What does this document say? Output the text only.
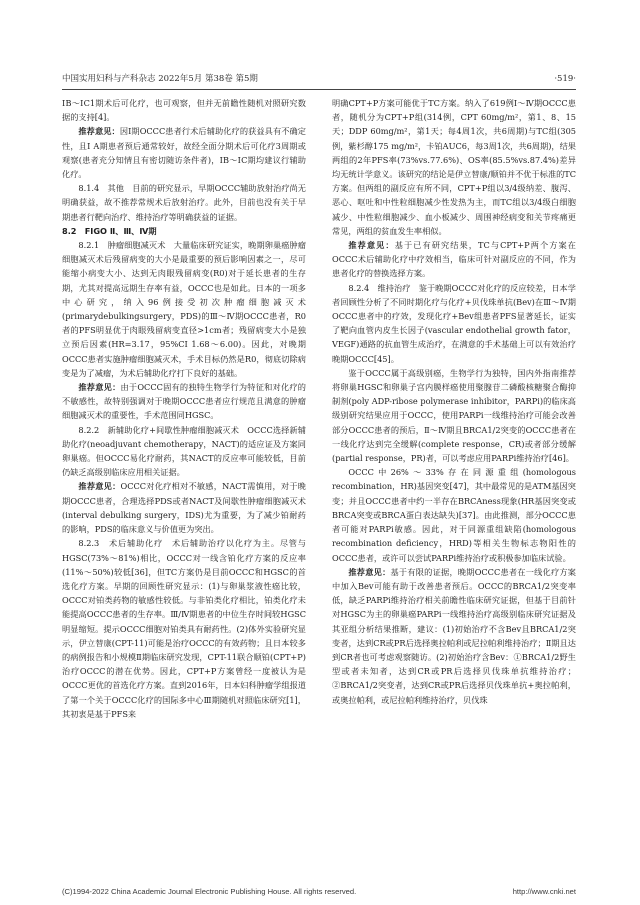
中国实用妇科与产科杂志 2022年5月 第38卷 第5期	·519·

ⅠB～ⅠC1期术后可化疗，也可观察，但并无前瞻性随机对照研究数据的支持[4]。

推荐意见：因Ⅰ期OCCC患者行术后辅助化疗的获益具有不确定性，且Ⅰ A期患者预后通常较好，故经全面分期术后可化疗3周期或观察(患者充分知情且有密切随访条件者)，ⅠB～ⅠC期均建议行辅助化疗。

8.1.4　其他　 目前的研究显示，早期OCCC辅助放射治疗尚无明确获益，故不推荐常规术后放射治疗。此外，目前也没有关于早期患者行靶向治疗、维持治疗等明确获益的证据。

8.2　FIGO Ⅱ、Ⅲ、Ⅳ期

8.2.1　肿瘤细胞减灭术　 大量临床研究证实，晚期卵巢癌肿瘤细胞减灭术后残留病变的大小是最重要的预后影响因素之一，尽可能缩小病变大小、达到无肉眼残留病变(R0)对于延长患者的生存期，尤其对提高远期生存率有益，OCCC也是如此。日本的一项多中心研究，纳入96例接受初次肿瘤细胞减灭术(primarydebulkingsurgery，PDS)的Ⅲ～Ⅳ期OCCC患者，R0者的PFS明显优于肉眼残留病变直径>1cm者；残留病变大小是独立预后因素(HR=3.17，95%CI 1.68～6.00)。因此，对晚期OCCC患者实施肿瘤细胞减灭术，手术目标仍然是R0，彻底切除病变是为了减瘤，为术后辅助化疗打下良好的基础。

推荐意见：由于OCCC固有的独特生物学行为特征和对化疗的不敏感性，故特别强调对于晚期OCCC患者应行规范且满意的肿瘤细胞减灭术的重要性，手术范围同HGSC。

8.2.2　新辅助化疗+间歇性肿瘤细胞减灭术　 OCCC选择新辅助化疗(neoadjuvant chemotherapy，NACT)的适应证及方案同卵巢癌。但OCCC易化疗耐药，其NACT的反应率可能较低，目前仍缺乏高级别临床应用相关证据。

推荐意见：OCCC对化疗相对不敏感，NACT需慎用，对于晚期OCCC患者，合理选择PDS或者NACT及间歇性肿瘤细胞减灭术(interval debulking surgery，IDS)尤为重要，为了减少铂耐药的影响，PDS的临床意义与价值更为突出。

8.2.3　术后辅助化疗　 术后辅助治疗以化疗为主。尽管与HGSC(73%～81%)相比，OCCC对一线含铂化疗方案的反应率(11%～50%)较低[36]，但TC方案仍是目前OCCC和HGSC的首选化疗方案。早期的回顾性研究显示：(1)与卵巢浆液性癌比较，OCCC对铂类药物的敏感性较低。与非铂类化疗相比，铂类化疗未能提高OCCC患者的生存率。Ⅲ/Ⅳ期患者的中位生存时间较HGSC明显缩短。提示OCCC细胞对铂类具有耐药性。(2)体外实验研究显示，伊立替康(CPT-11)可能是治疗OCCC的有效药物；且日本较多的病例报告和小规模Ⅱ期临床研究发现，CPT-11联合顺铂(CPT+P)治疗OCCC的潜在优势。因此，CPT+P方案曾经一度被认为是OCCC更优的首选化疗方案。直到2016年，日本妇科肿瘤学组报道了第一个关于OCCC化疗的国际多中心Ⅲ期随机对照临床研究[1]，其初衷是基于PFS来

明确CPT+P方案可能优于TC方案。纳入了619例Ⅰ～Ⅳ期OCCC患者，随机分为CPT+P组(314例，CPT 60mg/m²，第1、8、15天；DDP 60mg/m²，第1天；每4周1次，共6周期)与TC组(305例，紫杉醇175 mg/m²，卡铂AUC6，每3周1次，共6周期)，结果两组的2年PFS率(73%vs.77.6%)、OS率(85.5%vs.87.4%)差异均无统计学意义。该研究的结论是伊立替康/顺铂并不优于标准的TC方案。但两组的副反应有所不同，CPT+P组以3/4级纳差、腹泻、恶心、呕吐和中性粒细胞减少性发热为主，而TC组以3/4级白细胞减少、中性粒细胞减少、血小板减少、周围神经病变和关节疼痛更常见，两组的贫血发生率相似。

推荐意见：基于已有研究结果，TC与CPT+P两个方案在OCCC术后辅助化疗中疗效相当，临床可针对副反应的不同，作为患者化疗的替换选择方案。

8.2.4　维持治疗　 鉴于晚期OCCC对化疗的反应较差，日本学者回顾性分析了不同时期化疗与化疗+贝伐珠单抗(Bev)在Ⅲ～Ⅳ期OCCC患者中的疗效，发现化疗+Bev组患者PFS显著延长，证实了靶向血管内皮生长因子(vascular endothelial growth fator，VEGF)通路的抗血管生成治疗，在满意的手术基础上可以有效治疗晚期OCCC[45]。

鉴于OCCC属于高级别癌，生物学行为独特，国内外指南推荐将卵巢HGSC和卵巢子宫内膜样癌使用聚腺苷二磷酸核糖聚合酶抑制剂(poly ADP-ribose polymerase inhibitor，PARPi)的临床高级别研究结果应用于OCCC，使用PARPi一线维持治疗可能会改善部分OCCC患者的预后，Ⅱ～Ⅳ期且BRCA1/2突变的OCCC患者在一线化疗达到完全缓解(complete response，CR)或者部分缓解(partial response，PR)者，可以考虑应用PARPi维持治疗[46]。

OCCC中26%～33%存在同源重组(homologous recombination，HR)基因突变[47]，其中最常见的是ATM基因突变；并且OCCC患者中约一半存在BRCAness现象(HR基因突变或BRCA突变或BRCA蛋白表达缺失)[37]。由此推测，部分OCCC患者可能对PARPi敏感。因此，对于同源重组缺陷(homologous recombination deficiency，HRD)等相关生物标志物阳性的OCCC患者，或许可以尝试PARPi维持治疗或积极参加临床试验。

推荐意见：基于有限的证据，晚期OCCC患者在一线化疗方案中加入Bev可能有助于改善患者预后。OCCC的BRCA1/2突变率低，缺乏PARPi维持治疗相关前瞻性临床研究证据，但基于目前针对HGSC为主的卵巢癌PARPi一线维持治疗高级别临床研究证据及其亚组分析结果推断，建议：(1)初始治疗不含Bev且BRCA1/2突变者，达到CR或PR后选择奥拉帕利或尼拉帕利维持治疗；Ⅱ期且达到CR者也可考虑观察随访。(2)初始治疗含Bev：①BRCA1/2野生型或者未知者，达到CR或PR后选择贝伐珠单抗维持治疗；②BRCA1/2突变者，达到CR或PR后选择贝伐珠单抗+奥拉帕利，或奥拉帕利，或尼拉帕利维持治疗，贝伐珠

(C)1994-2022 China Academic Journal Electronic Publishing House. All rights reserved.	http://www.cnki.net
